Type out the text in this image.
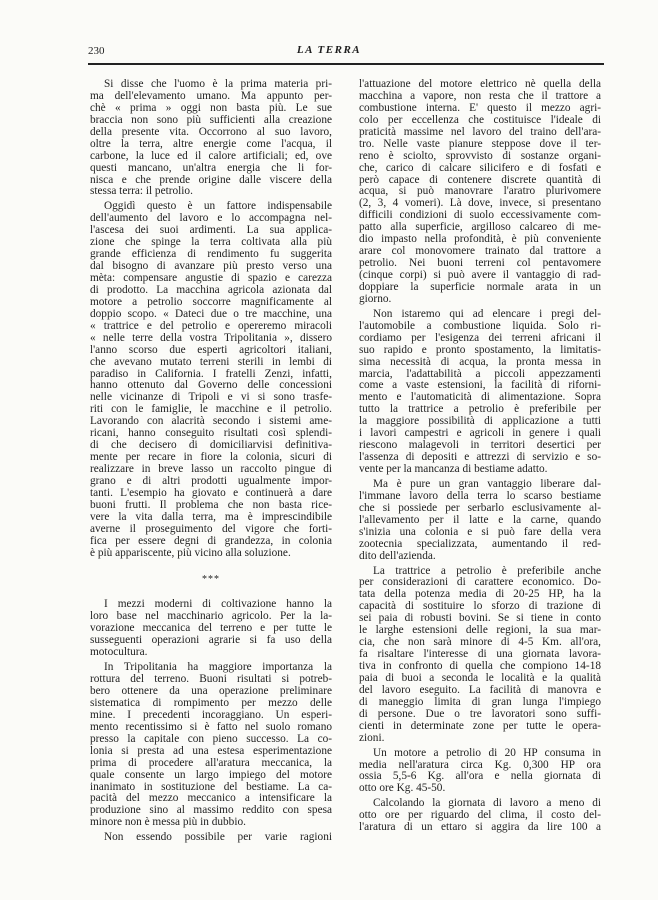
230	LA TERRA
Si disse che l'uomo è la prima materia pri-
ma dell'elevamento umano. Ma appunto per-
chè « prima » oggi non basta più. Le sue
braccia non sono più sufficienti alla creazione
della presente vita. Occorrono al suo lavoro,
oltre la terra, altre energie come l'acqua, il
carbone, la luce ed il calore artificiali; ed, ove
questi mancano, un'altra energia che li for-
nisca e che prende origine dalle viscere della
stessa terra: il petrolio.
Oggidì questo è un fattore indispensabile
dell'aumento del lavoro e lo accompagna nel-
l'ascesa dei suoi ardimenti. La sua applica-
zione che spinge la terra coltivata alla più
grande efficienza di rendimento fu suggerita
dal bisogno di avanzare più presto verso una
mèta: compensare angustie di spazio e carezza
di prodotto. La macchina agricola azionata dal
motore a petrolio soccorre magnificamente al
doppio scopo. « Dateci due o tre macchine, una
« trattrice e del petrolio e opereremo miracoli
« nelle terre della vostra Tripolitania », dissero
l'anno scorso due esperti agricoltori italiani,
che avevano mutato terreni sterili in lembi di
paradiso in California. I fratelli Zenzi, infatti,
hanno ottenuto dal Governo delle concessioni
nelle vicinanze di Tripoli e vi si sono trasfe-
riti con le famiglie, le macchine e il petrolio.
Lavorando con alacrità secondo i sistemi ame-
ricani, hanno conseguito risultati così splendi-
di che decisero di domiciliarvisi definitiva-
mente per recare in fiore la colonia, sicuri di
realizzare in breve lasso un raccolto pingue di
grano e di altri prodotti ugualmente impor-
tanti. L'esempio ha giovato e continuerà a dare
buoni frutti. Il problema che non basta rice-
vere la vita dalla terra, ma è imprescindibile
averne il proseguimento del vigore che forti-
fica per essere degni di grandezza, in colonia
è più appariscente, più vicino alla soluzione.
***
I mezzi moderni di coltivazione hanno la
loro base nel macchinario agricolo. Per la la-
vorazione meccanica del terreno e per tutte le
susseguenti operazioni agrarie si fa uso della
motocultura.
In Tripolitania ha maggiore importanza la
rottura del terreno. Buoni risultati si potreb-
bero ottenere da una operazione preliminare
sistematica di rompimento per mezzo delle
mine. I precedenti incoraggiano. Un esperi-
mento recentissimo si è fatto nel suolo romano
presso la capitale con pieno successo. La co-
lonia si presta ad una estesa esperimentazione
prima di procedere all'aratura meccanica, la
quale consente un largo impiego del motore
inanimato in sostituzione del bestiame. La ca-
pacità del mezzo meccanico a intensificare la
produzione sino al massimo reddito con spesa
minore non è messa più in dubbio.
Non essendo possibile per varie ragioni
l'attuazione del motore elettrico nè quella della
macchina a vapore, non resta che il trattore a
combustione interna. E' questo il mezzo agri-
colo per eccellenza che costituisce l'ideale di
praticità massime nel lavoro del traino dell'ara-
tro. Nelle vaste pianure steppose dove il ter-
reno è sciolto, sprovvisto di sostanze organi-
che, carico di calcare silicifero e di fosfati e
però capace di contenere discrete quantità di
acqua, si può manovrare l'aratro plurivomere
(2, 3, 4 vomeri). Là dove, invece, si presentano
difficili condizioni di suolo eccessivamente com-
patto alla superficie, argilloso calcareo di me-
dio impasto nella profondità, è più conveniente
arare col monovomere trainato dal trattore a
petrolio. Nei buoni terreni col pentavomere
(cinque corpi) si può avere il vantaggio di rad-
doppiare la superficie normale arata in un
giorno.
Non istaremo qui ad elencare i pregi del-
l'automobile a combustione liquida. Solo ri-
cordiamo per l'esigenza dei terreni africani il
suo rapido e pronto spostamento, la limitatis-
sima necessità di acqua, la pronta messa in
marcia, l'adattabilità a piccoli appezzamenti
come a vaste estensioni, la facilità di riforni-
mento e l'automaticità di alimentazione. Sopra
tutto la trattrice a petrolio è preferibile per
la maggiore possibilità di applicazione a tutti
i lavori campestri e agricoli in genere i quali
riescono malagevoli in territori desertici per
l'assenza di depositi e attrezzi di servizio e so-
vente per la mancanza di bestiame adatto.
Ma è pure un gran vantaggio liberare dal-
l'immane lavoro della terra lo scarso bestiame
che si possiede per serbarlo esclusivamente al-
l'allevamento per il latte e la carne, quando
s'inizia una colonia e si può fare della vera
zootecnia specializzata, aumentando il red-
dito dell'azienda.
La trattrice a petrolio è preferibile anche
per considerazioni di carattere economico. Do-
tata della potenza media di 20-25 HP, ha la
capacità di sostituire lo sforzo di trazione di
sei paia di robusti bovini. Se si tiene in conto
le larghe estensioni delle regioni, la sua mar-
cia, che non sarà minore di 4-5 Km. all'ora,
fa risaltare l'interesse di una giornata lavora-
tiva in confronto di quella che compiono 14-18
paia di buoi a seconda le località e la qualità
del lavoro eseguito. La facilità di manovra e
di maneggio limita di gran lunga l'impiego
di persone. Due o tre lavoratori sono suffi-
cienti in determinate zone per tutte le opera-
zioni.
Un motore a petrolio di 20 HP consuma in
media nell'aratura circa Kg. 0,300 HP ora
ossia 5,5-6 Kg. all'ora e nella giornata di
otto ore Kg. 45-50.
Calcolando la giornata di lavoro a meno di
otto ore per riguardo del clima, il costo del-
l'aratura di un ettaro si aggira da lire 100 a
